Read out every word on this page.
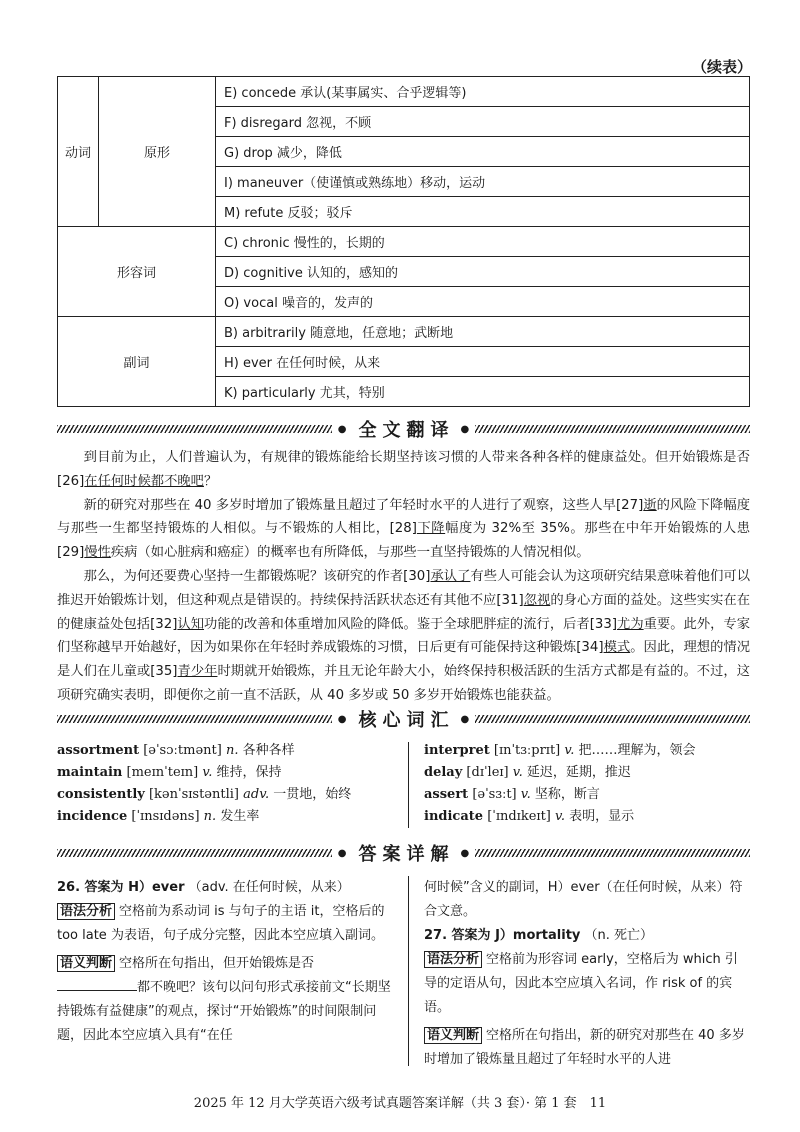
（续表）
动词	原形	E) concede 承认(某事属实、合乎逻辑等)
		F) disregard 忽视，不顾
		G) drop 减少，降低
		I) maneuver（使谨慎或熟练地）移动，运动
		M) refute 反驳；驳斥
形容词		C) chronic 慢性的，长期的
		D) cognitive 认知的，感知的
		O) vocal 噪音的，发声的
副词		B) arbitrarily 随意地，任意地；武断地
		H) ever 在任何时候，从来
		K) particularly 尤其，特别
● 全文翻译 ●

到目前为止，人们普遍认为，有规律的锻炼能给长期坚持该习惯的人带来各种各样的健康益处。但开始锻炼是否[26]在任何时候都不晚吧？

新的研究对那些在 40 多岁时增加了锻炼量且超过了年轻时水平的人进行了观察，这些人早[27]逝的风险下降幅度与那些一生都坚持锻炼的人相似。与不锻炼的人相比，[28]下降幅度为 32%至 35%。那些在中年开始锻炼的人患[29]慢性疾病（如心脏病和癌症）的概率也有所降低，与那些一直坚持锻炼的人情况相似。

那么，为何还要费心坚持一生都锻炼呢？该研究的作者[30]承认了有些人可能会认为这项研究结果意味着他们可以推迟开始锻炼计划，但这种观点是错误的。持续保持活跃状态还有其他不应[31]忽视的身心方面的益处。这些实实在在的健康益处包括[32]认知功能的改善和体重增加风险的降低。鉴于全球肥胖症的流行，后者[33]尤为重要。此外，专家们坚称越早开始越好，因为如果你在年轻时养成锻炼的习惯，日后更有可能保持这种锻炼[34]模式。因此，理想的情况是人们在儿童或[35]青少年时期就开始锻炼，并且无论年龄大小，始终保持积极活跃的生活方式都是有益的。不过，这项研究确实表明，即便你之前一直不活跃，从 40 多岁或 50 多岁开始锻炼也能获益。

● 核心词汇 ●
assortment [əˈsɔːtmənt] n. 各种各样
maintain [meɪnˈteɪn] v. 维持，保持
consistently [kənˈsɪstəntli] adv. 一贯地，始终
incidence [ˈɪnsɪdəns] n. 发生率
interpret [ɪnˈtɜːprɪt] v. 把……理解为，领会
delay [dɪˈleɪ] v. 延迟，延期，推迟
assert [əˈsɜːt] v. 坚称，断言
indicate [ˈɪndɪkeɪt] v. 表明，显示
● 答案详解 ●

26. 答案为 H）ever （adv. 在任何时候，从来）

语法分析 空格前为系动词 is 与句子的主语 it，空格后的 too late 为表语，句子成分完整，因此本空应填入副词。

语义判断 空格所在句指出，但开始锻炼是否都不晚吧？该句以问句形式承接前文“长期坚持锻炼有益健康”的观点，探讨“开始锻炼”的时间限制问题，因此本空应填入具有“在任

何时候”含义的副词，H）ever（在任何时候，从来）符合文意。

27. 答案为 J）mortality （n. 死亡）

语法分析 空格前为形容词 early，空格后为 which 引导的定语从句，因此本空应填入名词，作 risk of 的宾语。

语义判断 空格所在句指出，新的研究对那些在 40 多岁时增加了锻炼量且超过了年轻时水平的人进

2025 年 12 月大学英语六级考试真题答案详解（共 3 套）· 第 1 套　11
